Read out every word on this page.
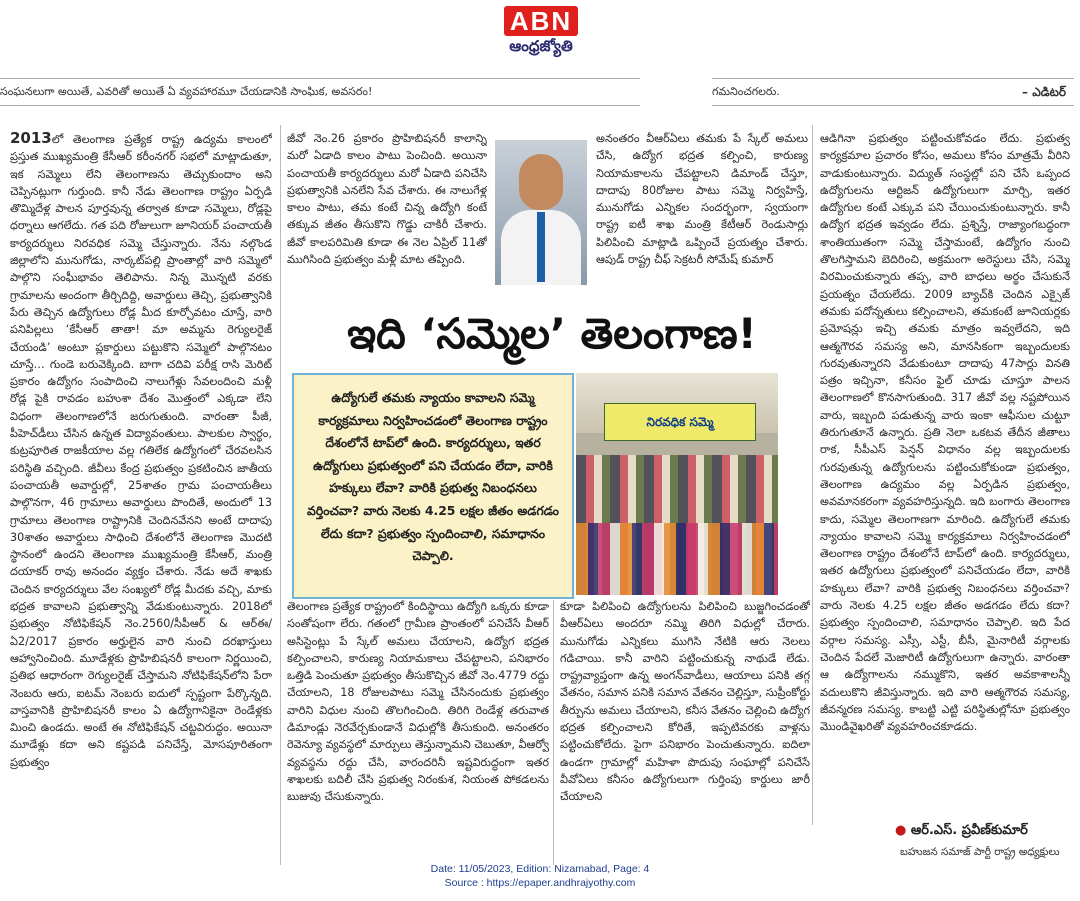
ABN
ఆంధ్రజ్యోతి
సంఘనలుగా అయితే, ఎవరితో అయితే ఏ వ్యవహారమూ చేయడానికి సాంఘిక, అవసరం!	గమనించగలరు.	– ఎడిటర్

2013లో తెలంగాణ ప్రత్యేక రాష్ట్ర ఉద్యమ కాలంలో ప్రస్తుత ముఖ్యమంత్రి కేసీఆర్ కరీంనగర్ సభలో మాట్లాడుతూ, ఇక సమ్మెలు లేని తెలంగాణను తెచ్చుకుందాం అని చెప్పినట్లుగా గుర్తుంది. కానీ నేడు తెలంగాణ రాష్ట్రం ఏర్పడి తొమ్మిదేళ్ల పాలన పూర్తవున్న తర్వాత కూడా సమ్మెలు, రోడ్లపై ధర్నాలు ఆగలేదు. గత పది రోజులుగా జూనియర్ పంచాయతీ కార్యదర్శులు నిరవధిక సమ్మె చేస్తున్నారు. నేను నల్గొండ జిల్లాలోని మునుగోడు, నార్కట్‌పల్లి ప్రాంతాల్లో వారి సమ్మెలో పాల్గొని సంఘీభావం తెలిపాను. నిన్న మొన్నటి వరకు గ్రామాలను అందంగా తీర్చిదిద్ది, అవార్డులు తెచ్చి, ప్రభుత్వానికి పేరు తెచ్చిన ఉద్యోగులు రోడ్ల మీద కూర్చోవటం చూస్తే, వారి పనిపిల్లలు ‘కేసీఆర్ తాతా! మా అమ్మను రెగ్యులరైజ్ చేయండి’ అంటూ ప్లకార్డులు పట్టుకొని సమ్మెలో పాల్గొనటం చూస్తే… గుండె బరువెక్కింది. బాగా చదివి పరీక్ష రాసి మెరిట్ ప్రకారం ఉద్యోగం సంపాదించి నాలుగేళ్లు సేవలందించి మళ్లీ రోడ్ల పైకి రావడం బహుశా దేశం మొత్తంలో ఎక్కడా లేని విధంగా తెలంగాణలోనే జరుగుతుంది. వారంతా పీజీ, పీహెచ్‌డీలు చేసిన ఉన్నత విద్యావంతులు. పాలకుల స్వార్థం, కుట్రపూరిత రాజకీయాల వల్ల గతిలేక ఉద్యోగంలో చేరవలసిన పరిస్థితి వచ్చింది. జీవీలు కేంద్ర ప్రభుత్వం ప్రకటించిన జాతీయ పంచాయతీ అవార్డుల్లో, 25శాతం గ్రామ పంచాయతీలు పాల్గొనగా, 46 గ్రామాలు అవార్డులు పొందితే, అందులో 13 గ్రామాలు తెలంగాణ రాష్ట్రానికి చెందినవేనని అంటే దాదాపు 30శాతం అవార్డులు సాధించి దేశంలోనే తెలంగాణ మొదటి స్థానంలో ఉందని తెలంగాణ ముఖ్యమంత్రి కేసీఆర్, మంత్రి దయాకర్ రావు అనందం వ్యక్తం చేశారు. నేడు అదే శాఖకు చెందిన కార్యదర్శులు వేల సంఖ్యలో రోడ్ల మీదకు వచ్చి, మాకు భద్రత కావాలని ప్రభుత్వాన్ని వేడుకుంటున్నారు. 2018లో ప్రభుత్వం నోటిఫికేషన్ నెం.2560/సీపీఆర్ & ఆర్ఈ/ఏ2/2017 ప్రకారం అర్హులైన వారి నుంచి దరఖాస్తులు ఆహ్వానించింది. మూడేళ్లకు ప్రొహిబిషనరీ కాలంగా నిర్ణయించి, ప్రతిభ ఆధారంగా రెగ్యులరైజ్ చేస్తామని నోటిఫికేషన్‌లోని పేరా నెంబరు ఆరు, ఐటమ్ నెంబరు ఐదులో స్పష్టంగా పేర్కొన్నది. వాస్తవానికి ప్రొహిబిషనరీ కాలం ఏ ఉద్యోగానికైనా రెండేళ్లకు మించి ఉండదు. అంటే ఈ నోటిఫికేషన్ చట్టవిరుద్ధం. అయినా మూడేళ్లు కదా అని కష్టపడి పనిచేస్తే, మోసపూరితంగా ప్రభుత్వం

జీవో నెం.26 ప్రకారం ప్రొహిబిషనరీ కాలాన్ని మరో ఏడాది కాలం పాటు పెంచింది. అయినా పంచాయతీ కార్యదర్శులు మరో ఏడాది పనిచేసి ప్రభుత్వానికి ఎనలేని సేవ చేశారు. ఈ నాలుగేళ్ల కాలం పాటు, తమ కంటే చిన్న ఉద్యోగి కంటే తక్కువ జీతం తీసుకొని గొడ్డు చాకిరీ చేశారు. జీవో కాలపరిమితి కూడా ఈ నెల ఏప్రిల్ 11తో ముగిసింది ప్రభుత్వం మళ్లీ మాట తప్పింది.

అనంతరం వీఆర్‌ఏలు తమకు పే స్కేల్ అమలు చేసి, ఉద్యోగ భద్రత కల్పించి, కారుణ్య నియామకాలను చేపట్టాలని డిమాండ్ చేస్తూ, దాదాపు 80రోజుల పాటు సమ్మె నిర్వహిస్తే, మునుగోడు ఎన్నికల సందర్భంగా, స్వయంగా రాష్ట్ర ఐటీ శాఖ మంత్రి కేటీఆర్ రెండుసార్లు పిలిపించి మాట్లాడి ఒప్పించే ప్రయత్నం చేశారు. ఆపుడ్ రాష్ట్ర చీఫ్ సెక్రటరీ సోమేష్ కుమార్

ఇది ‘సమ్మెల’ తెలంగాణ!
ఉద్యోగులే తమకు న్యాయం కావాలని సమ్మె కార్యక్రమాలు నిర్వహించడంలో తెలంగాణ రాష్ట్రం దేశంలోనే టాప్‌లో ఉంది. కార్యదర్శులు, ఇతర ఉద్యోగులు ప్రభుత్వంలో పని చేయడం లేదా, వారికి హక్కులు లేవా? వారికి ప్రభుత్వ నిబంధనలు వర్తించవా? వారు నెలకు 4.25 లక్షల జీతం అడగడం లేదు కదా? ప్రభుత్వం స్పందించాలి, సమాధానం చెప్పాలి.
నిరవధిక సమ్మె

తెలంగాణ ప్రత్యేక రాష్ట్రంలో కిందిస్థాయి ఉద్యోగి ఒక్కరు కూడా సంతోషంగా లేరు. గతంలో గ్రామీణ ప్రాంతంలో పనిచేసే వీఆర్ అసిస్టెంట్లు పే స్కేల్ అమలు చేయాలని, ఉద్యోగ భద్రత కల్పించాలని, కారుణ్య నియామకాలు చేపట్టాలని, పనిభారం ఒత్తిడి పెంచుతూ ప్రభుత్వం తీసుకొచ్చిన జీవో నెం.4779 రద్దు చేయాలని, 18 రోజులపాటు సమ్మె చేసినందుకు ప్రభుత్వం వారిని విధుల నుంచి తొలగించింది. తిరిగి రెండేళ్ల తరువాత డిమాండ్లు నెరవేర్చకుండానే విధుల్లోకి తీసుకుంది. అనంతరం రెవెన్యూ వ్యవస్థలో మార్పులు తెస్తున్నామని చెబుతూ, వీఆర్వో వ్యవస్థను రద్దు చేసి, వారందరినీ ఇష్టవిరుద్ధంగా ఇతర శాఖలకు బదిలీ చేసి ప్రభుత్వ నిరంకుశ, నియంత పోకడలను బుజువు చేసుకున్నారు.

కూడా పిలిపించి ఉద్యోగులను పిలిపించి బుజ్జగించడంతో వీఆర్‌ఏలు అందరూ నమ్మి తిరిగి విధుల్లో చేరారు. మునుగోడు ఎన్నికలు ముగిసి నేటికి ఆరు నెలలు గడిచాయి. కానీ వారిని పట్టించుకున్న నాథుడే లేడు. రాష్ట్రవ్యాప్తంగా ఉన్న అంగన్‌వాడీలు, ఆయాలు పనికి తగ్గ వేతనం, సమాన పనికి సమాన వేతనం చెల్లిస్తూ, సుప్రీంకోర్టు తీర్పును అమలు చేయాలని, కనీస వేతనం చెల్లించి ఉద్యోగ భద్రత కల్పించాలని కోరితే, ఇప్పటివరకు వాళ్లను పట్టించుకోలేదు. పైగా పనిభారం పెంచుతున్నారు. ఐదిలా ఉండగా గ్రామాల్లో మహిళా పొదుపు సంఘాల్లో పనిచేసే వీవోఏలు కనీసం ఉద్యోగులుగా గుర్తింపు కార్డులు జారీ చేయాలని

ఆడిగినా ప్రభుత్వం పట్టించుకోవడం లేదు. ప్రభుత్వ కార్యక్రమాల ప్రచారం కోసం, అమలు కోసం మాత్రమే వీరిని వాడుకుంటున్నారు. విద్యుత్ సంస్థల్లో పని చేసే ఒప్పంద ఉద్యోగులను ఆర్టిజన్ ఉద్యోగులుగా మార్చి, ఇతర ఉద్యోగుల కంటే ఎక్కువ పని చేయించుకుంటున్నారు. కానీ ఉద్యోగ భద్రత ఇవ్వడం లేదు. ప్రశ్నిస్తే, రాజ్యాంగబద్ధంగా శాంతియుతంగా సమ్మె చేస్తామంటే, ఉద్యోగం నుంచి తొలగిస్తామని బెదిరించి, అక్రమంగా అరెస్టులు చేసి, సమ్మె విరమించుకున్నారు తప్ప, వారి బాధలు అర్థం చేసుకునే ప్రయత్నం చేయలేదు. 2009 బ్యాచ్‌కి చెందిన ఎక్సైజ్ తమకు పదోన్నతులు కల్పించాలని, తమకంటే జూనియర్లకు ప్రమోషన్లు ఇచ్చి తమకు మాత్రం ఇవ్వలేదని, ఇది ఆత్మగౌరవ సమస్య అని, మానసికంగా ఇబ్బందులకు గురవుతున్నారని వేడుకుంటూ దాదాపు 47సార్లు వినతి పత్రం ఇచ్చినా, కనీసం ఫైల్ చూడు చూస్తూ పాలన తెలంగాణలో కొనసాగుతుంది. 317 జీవో వల్ల నష్టపోయిన వారు, ఇబ్బంది పడుతున్న వారు ఇంకా ఆఫీసుల చుట్టూ తిరుగుతూనే ఉన్నారు. ప్రతి నెలా ఒకటవ తేదీన జీతాలు రాక, సీపీఎస్ పెన్షన్ విధానం వల్ల ఇబ్బందులకు గురవుతున్న ఉద్యోగులను పట్టించుకోకుండా ప్రభుత్వం, తెలంగాణ ఉద్యమం వల్ల ఏర్పడిన ప్రభుత్వం, అవమానకరంగా వ్యవహరిస్తున్నది. ఇది బంగారు తెలంగాణ కాదు, సమ్మెల తెలంగాణగా మారింది. ఉద్యోగులే తమకు న్యాయం కావాలని సమ్మె కార్యక్రమాలు నిర్వహించడంలో తెలంగాణ రాష్ట్రం దేశంలోనే టాప్‌లో ఉంది. కార్యదర్శులు, ఇతర ఉద్యోగులు ప్రభుత్వంలో పనిచేయడం లేదా, వారికి హక్కులు లేవా? వారికి ప్రభుత్వ నిబంధనలు వర్తించవా? వారు నెలకు 4.25 లక్షల జీతం అడగడం లేదు కదా? ప్రభుత్వం స్పందించాలి, సమాధానం చెప్పాలి. ఇది పేద వర్గాల సమస్య. ఎస్సీ, ఎస్టీ, బీసీ, మైనారిటీ వర్గాలకు చెందిన పేదలే మెజారిటీ ఉద్యోగులుగా ఉన్నారు. వారంతా ఆ ఉద్యోగాలను నమ్ముకొని, ఇతర అవకాశాలన్నీ వదులుకొని జీవిస్తున్నారు. ఇది వారి ఆత్మగౌరవ సమస్య, జీవన్మరణ సమస్య. కాబట్టి ఎట్టి పరిస్థితుల్లోనూ ప్రభుత్వం మొండివైఖరితో వ్యవహరించకూడదు.

● ఆర్.ఎస్. ప్రవీణ్‌కుమార్
బహుజన సమాజ్ పార్టీ రాష్ట్ర అధ్యక్షులు
Date: 11/05/2023, Edition: Nizamabad, Page: 4
Source : https://epaper.andhrajyothy.com
